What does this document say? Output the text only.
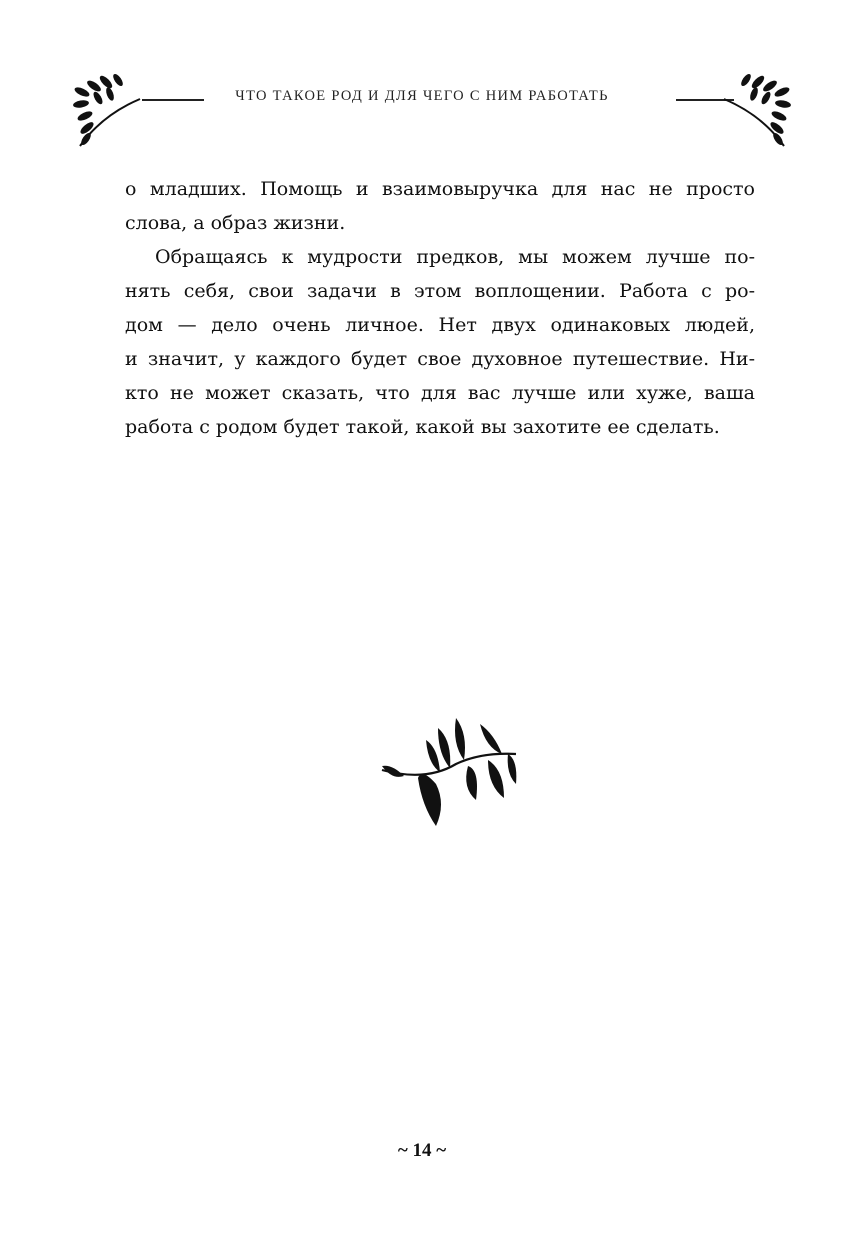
ЧТО ТАКОЕ РОД И ДЛЯ ЧЕГО С НИМ РАБОТАТЬ
о младших. Помощь и взаимовыручка для нас не просто
слова, а образ жизни.
Обращаясь к мудрости предков, мы можем лучше по-
нять себя, свои задачи в этом воплощении. Работа с ро-
дом — дело очень личное. Нет двух одинаковых людей,
и значит, у каждого будет свое духовное путешествие. Ни-
кто не может сказать, что для вас лучше или хуже, ваша
работа с родом будет такой, какой вы захотите ее сделать.
~ 14 ~
